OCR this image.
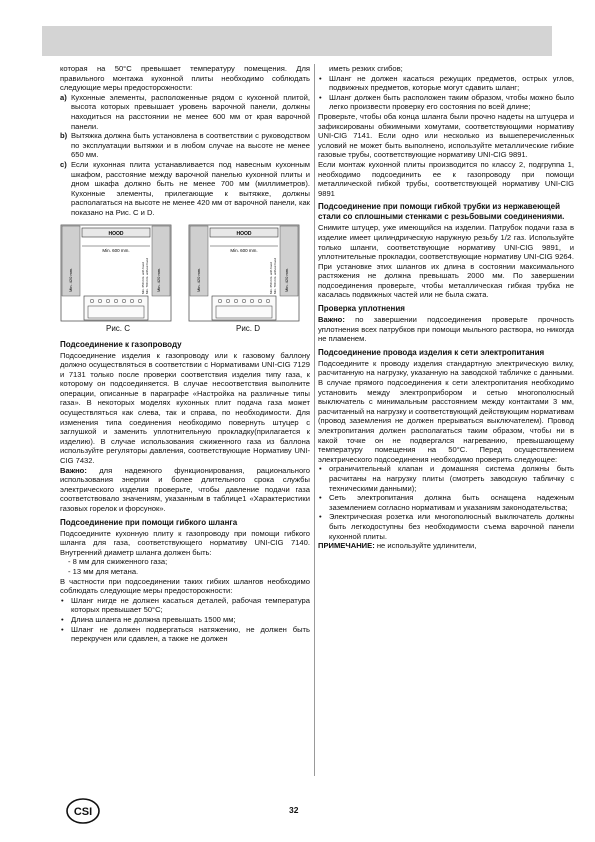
которая на 50°C превышает температуру помещения. Для правильного монтажа кухонной плиты необходимо соблюдать следующие меры предосторожности:

a) Кухонные элементы, расположенные рядом с кухонной плитой, высота которых превышает уровень варочной панели, должны находиться на расстоянии не менее 600 мм от края варочной панели.
b) Вытяжка должна быть установлена в соответствии с руководством по эксплуатации вытяжки и в любом случае на высоте не менее 650 мм.
c) Если кухонная плита устанавливается под навесным кухонным шкафом, расстояние между варочной панелью кухонной плиты и дном шкафа должно быть не менее 700 мм (миллиметров). Кухонные элементы, прилегающие к вытяжке, должны располагаться на высоте не менее 420 мм от варочной панели, как показано на Рис. C и D.
HOOD
Min. 600 mm.
Min. 420 mm.	Min. 420 mm.
Min. 650 mm. with hood Min. 700 mm. without hood
HOOD
Min. 600 mm.
Min. 420 mm.	Min. 420 mm.
Min. 650 mm. with hood Min. 700 mm. without hood
Рис. C	Рис. D
Подсоединение к газопроводу

Подсоединение изделия к газопроводу или к газовому баллону должно осуществляться в соответствии с Нормативами UNI-CIG 7129 и 7131 только после проверки соответствия изделия типу газа, к которому он подсоединяется. В случае несоответствия выполните операции, описанные в параграфе «Настройка на различные типы газа». В некоторых моделях кухонных плит подача газа может осуществляться как слева, так и справа, по необходимости. Для изменения типа соединения необходимо повернуть штуцер с заглушкой и заменить уплотнительную прокладку(прилагается к изделию). В случае использования сжиженного газа из баллона используйте регуляторы давления, соответствующие Нормативу UNI-CIG 7432.

Важно: для надежного функционирования, рационального использования энергии и более длительного срока службы электрического изделия проверьте, чтобы давление подачи газа соответствовало значениям, указанным в таблице1 «Характеристики газовых горелок и форсунок».

Подсоединение при помощи гибкого шланга

Подсоедините кухонную плиту к газопроводу при помощи гибкого шланга для газа, соответствующего нормативу UNI-CIG 7140. Внутренний диаметр шланга должен быть:

- 8 мм для сжиженного газа;

- 13 мм для метана.

В частности при подсоединении таких гибких шлангов необходимо соблюдать следующие меры предосторожности:

• Шланг нигде не должен касаться деталей, рабочая температура которых превышает 50°C;
• Длина шланга не должна превышать 1500 мм;
• Шланг не должен подвергаться натяжению, не должен быть перекручен или сдавлен, а также не должен

иметь резких сгибов;

• Шланг не должен касаться режущих предметов, острых углов, подвижных предметов, которые могут сдавить шланг;
• Шланг должен быть расположен таким образом, чтобы можно было легко произвести проверку его состояния по всей длине;

Проверьте, чтобы оба конца шланга были прочно надеты на штуцера и зафиксированы обжимными хомутами, соответствующими нормативу UNI-CIG 7141. Если одно или несколько из вышеперечисленных условий не может быть выполнено, используйте металлические гибкие газовые трубы, соответствующие нормативу UNI-CIG 9891.

Если монтаж кухонной плиты производится по классу 2, подгруппа 1, необходимо подсоединить ее к газопроводу при помощи металлической гибкой трубы, соответствующей нормативу UNI-CIG 9891

Подсоединение при помощи гибкой трубки из нержавеющей стали со сплошными стенками с резьбовыми соединениями.

Снимите штуцер, уже имеющийся на изделии. Патрубок подачи газа в изделие имеет цилиндрическую наружную резьбу 1/2 газ. Используйте только шланги, соответствующие нормативу UNI-CIG 9891, и уплотнительные прокладки, соответствующие нормативу UNI-CIG 9264. При установке этих шлангов их длина в состоянии максимального растяжения не должна превышать 2000 мм. По завершении подсоединения проверьте, чтобы металлическая гибкая трубка не касалась подвижных частей или не была сжата.

Проверка уплотнения

Важно: по завершении подсоединения проверьте прочность уплотнения всех патрубков при помощи мыльного раствора, но никогда не пламенем.

Подсоединение провода изделия к сети электропитания

Подсоедините к проводу изделия стандартную электрическую вилку, расчитанную на нагрузку, указанную на заводской табличке с данными. В случае прямого подсоединения к сети электропитания необходимо установить между электроприбором и сетью многополюсный выключатель с минимальным расстоянием между контактами 3 мм, расчитанный на нагрузку и соответствующий действующим нормативам (провод заземления не должен прерываться выключателем). Провод электропитания должен располагаться таким образом, чтобы ни в какой точке он не подвергался нагреванию, превышающему температуру помещения на 50°C. Перед осуществлением электрического подсоединения необходимо проверить следующее:

• ограничительный клапан и домашняя система должны быть расчитаны на нагрузку плиты (смотреть заводскую табличку с техническими данными);
• Сеть электропитания должна быть оснащена надежным заземлением согласно нормативам и указаниям законодательства;
• Электрическая розетка или многополюсный выключатель должны быть легкодоступны без необходимости съема варочной панели кухонной плиты.

ПРИМЕЧАНИЕ: не используйте удлинители,

CSI	32
